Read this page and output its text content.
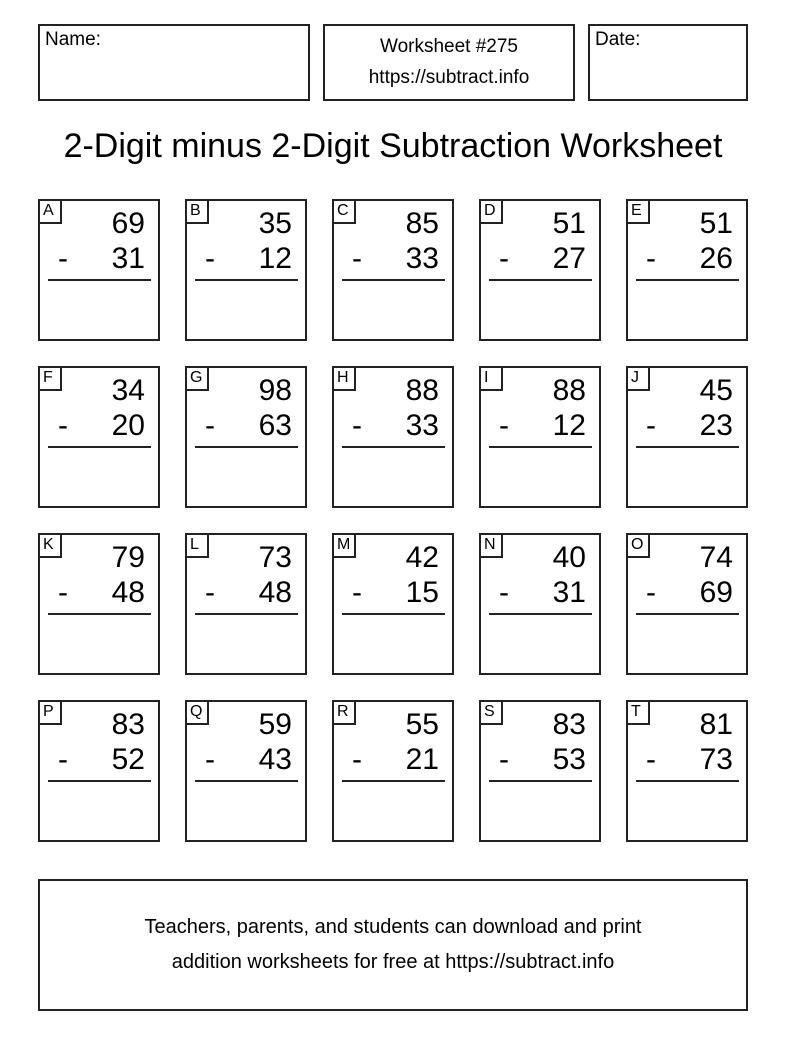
Name:	Worksheet #275
https://subtract.info
Date:
2-Digit minus 2-Digit Subtraction Worksheet
A 69
- 31
B 35
- 12
C 85
- 33
D 51
- 27
E 51
- 26
F	34
- 20
G 98
- 63
H 88
- 33
I	88
- 12
J	45
- 23
K 79
- 48
L	73
- 48
M 42
- 15
N 40
- 31
O 74
- 69
P 83
- 52
Q 59
- 43
R 55
- 21
S 83
- 53
T	81
- 73
Teachers, parents, and students can download and print
addition worksheets for free at https://subtract.info
